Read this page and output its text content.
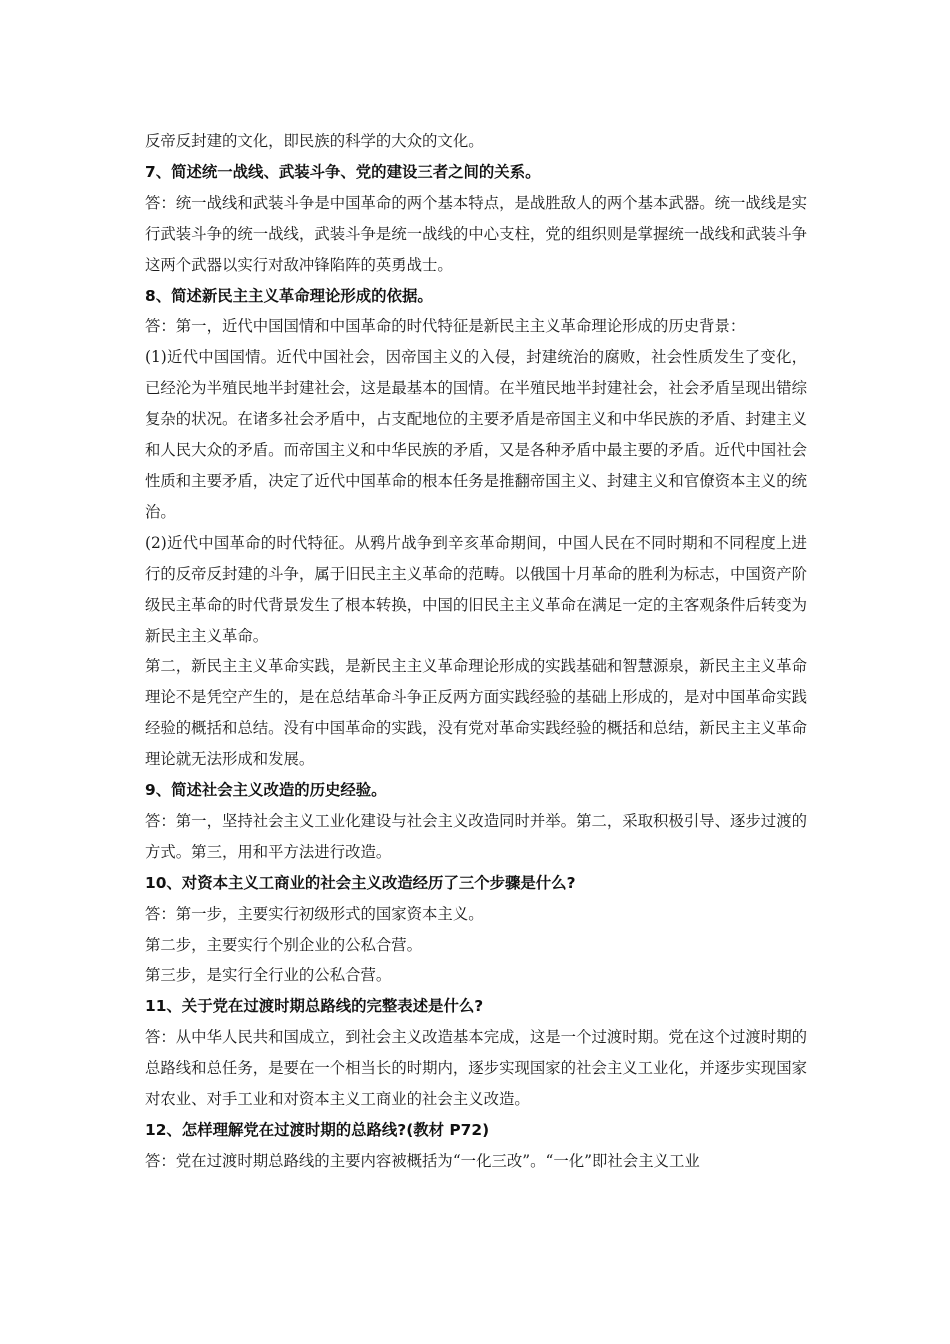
反帝反封建的文化，即民族的科学的大众的文化。
7、简述统一战线、武装斗争、党的建设三者之间的关系。
答：统一战线和武装斗争是中国革命的两个基本特点，是战胜敌人的两个基本武器。统一战线是实行武装斗争的统一战线，武装斗争是统一战线的中心支柱，党的组织则是掌握统一战线和武装斗争这两个武器以实行对敌冲锋陷阵的英勇战士。
8、简述新民主主义革命理论形成的依据。
答：第一，近代中国国情和中国革命的时代特征是新民主主义革命理论形成的历史背景：
(1)近代中国国情。近代中国社会，因帝国主义的入侵，封建统治的腐败，社会性质发生了变化，已经沦为半殖民地半封建社会，这是最基本的国情。在半殖民地半封建社会，社会矛盾呈现出错综复杂的状况。在诸多社会矛盾中，占支配地位的主要矛盾是帝国主义和中华民族的矛盾、封建主义和人民大众的矛盾。而帝国主义和中华民族的矛盾，又是各种矛盾中最主要的矛盾。近代中国社会性质和主要矛盾，决定了近代中国革命的根本任务是推翻帝国主义、封建主义和官僚资本主义的统治。
(2)近代中国革命的时代特征。从鸦片战争到辛亥革命期间，中国人民在不同时期和不同程度上进行的反帝反封建的斗争，属于旧民主主义革命的范畴。以俄国十月革命的胜利为标志，中国资产阶级民主革命的时代背景发生了根本转换，中国的旧民主主义革命在满足一定的主客观条件后转变为新民主主义革命。
第二，新民主主义革命实践，是新民主主义革命理论形成的实践基础和智慧源泉，新民主主义革命理论不是凭空产生的，是在总结革命斗争正反两方面实践经验的基础上形成的，是对中国革命实践经验的概括和总结。没有中国革命的实践，没有党对革命实践经验的概括和总结，新民主主义革命理论就无法形成和发展。
9、简述社会主义改造的历史经验。
答：第一，坚持社会主义工业化建设与社会主义改造同时并举。第二，采取积极引导、逐步过渡的方式。第三，用和平方法进行改造。
10、对资本主义工商业的社会主义改造经历了三个步骤是什么?
答：第一步，主要实行初级形式的国家资本主义。
第二步，主要实行个别企业的公私合营。
第三步，是实行全行业的公私合营。
11、关于党在过渡时期总路线的完整表述是什么?
答：从中华人民共和国成立，到社会主义改造基本完成，这是一个过渡时期。党在这个过渡时期的总路线和总任务，是要在一个相当长的时期内，逐步实现国家的社会主义工业化，并逐步实现国家对农业、对手工业和对资本主义工商业的社会主义改造。
12、怎样理解党在过渡时期的总路线?(教材 P72)
答：党在过渡时期总路线的主要内容被概括为“一化三改”。“一化”即社会主义工业
